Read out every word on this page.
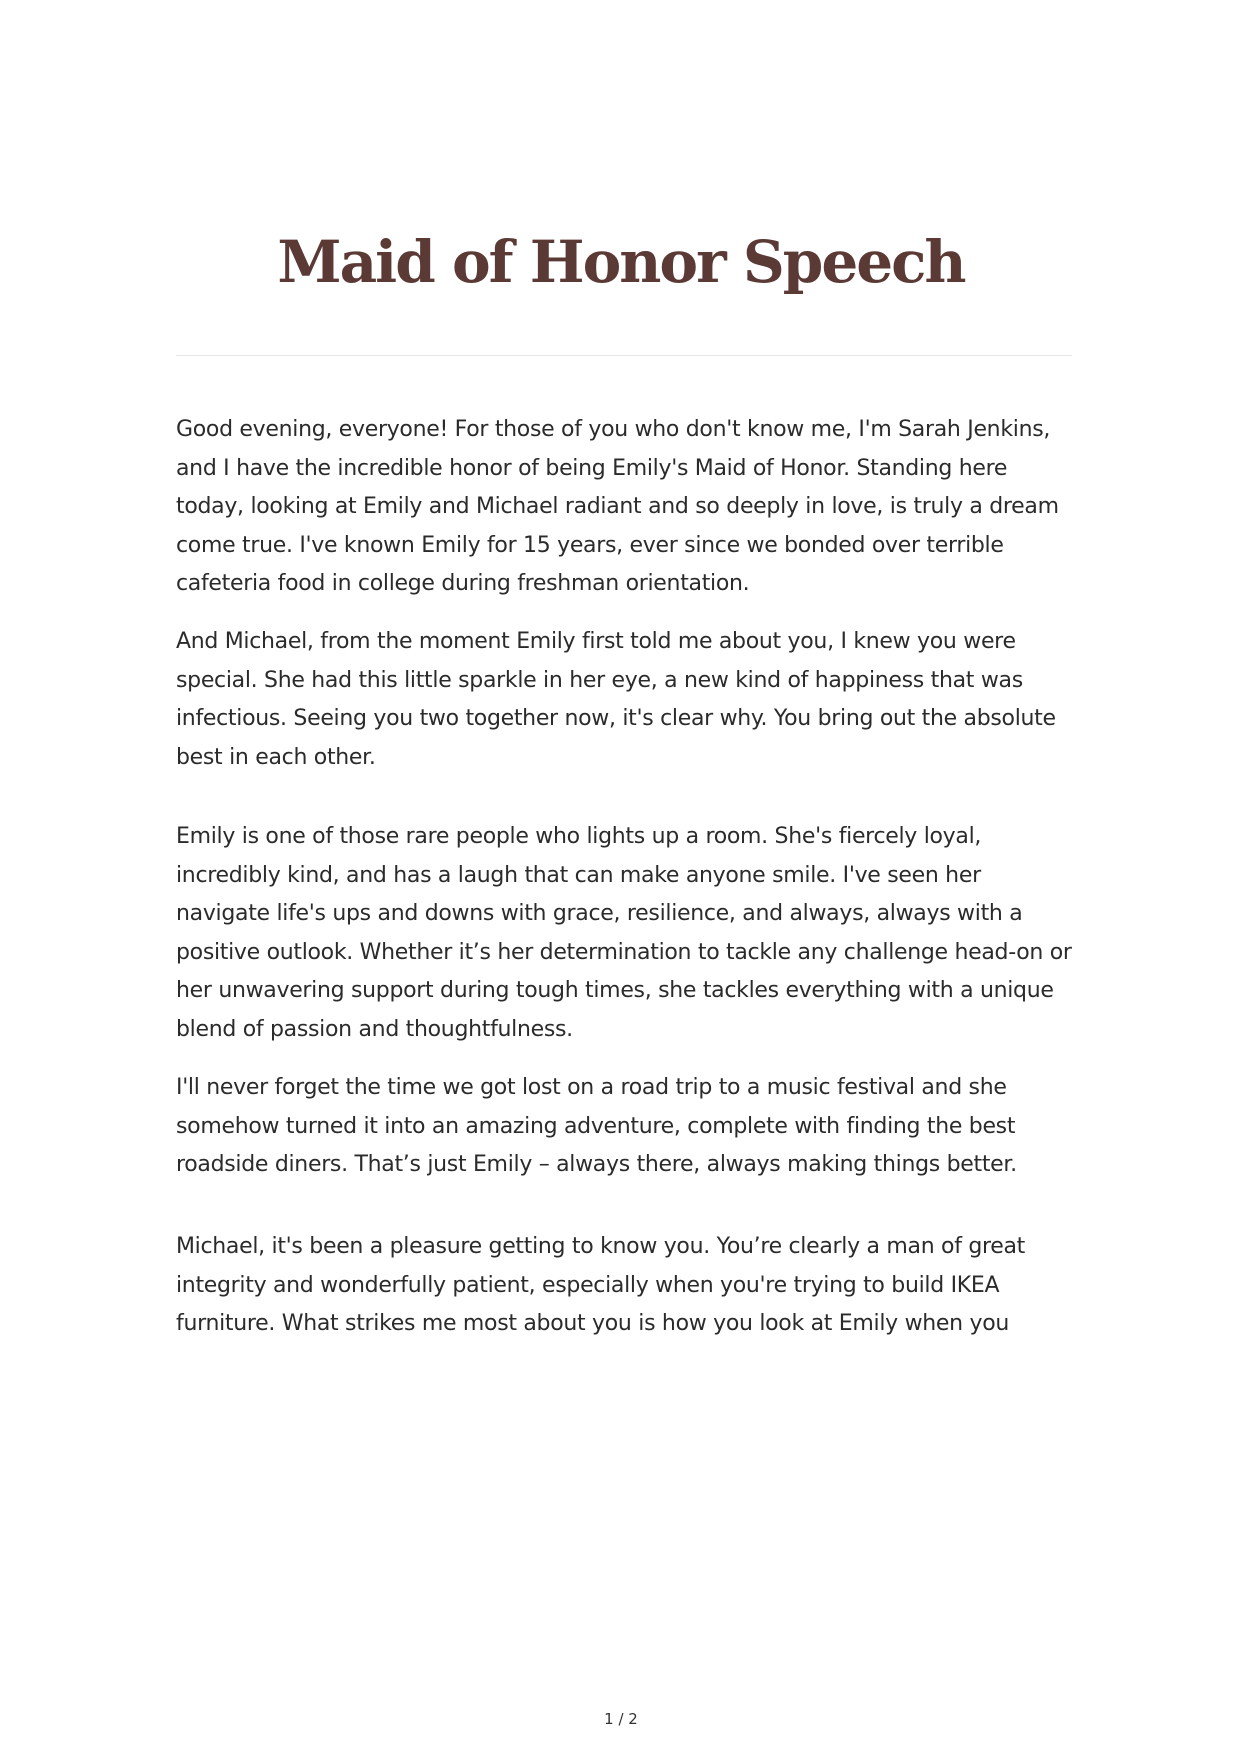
Maid of Honor Speech

Good evening, everyone! For those of you who don't know me, I'm Sarah Jenkins, and I have the incredible honor of being Emily's Maid of Honor. Standing here today, looking at Emily and Michael radiant and so deeply in love, is truly a dream come true. I've known Emily for 15 years, ever since we bonded over terrible cafeteria food in college during freshman orientation.

And Michael, from the moment Emily first told me about you, I knew you were special. She had this little sparkle in her eye, a new kind of happiness that was infectious. Seeing you two together now, it's clear why. You bring out the absolute best in each other.

Emily is one of those rare people who lights up a room. She's fiercely loyal, incredibly kind, and has a laugh that can make anyone smile. I've seen her navigate life's ups and downs with grace, resilience, and always, always with a positive outlook. Whether it’s her determination to tackle any challenge head-on or her unwavering support during tough times, she tackles everything with a unique blend of passion and thoughtfulness.

I'll never forget the time we got lost on a road trip to a music festival and she somehow turned it into an amazing adventure, complete with finding the best roadside diners. That’s just Emily – always there, always making things better.

Michael, it's been a pleasure getting to know you. You’re clearly a man of great integrity and wonderfully patient, especially when you're trying to build IKEA furniture. What strikes me most about you is how you look at Emily when you

1 / 2
